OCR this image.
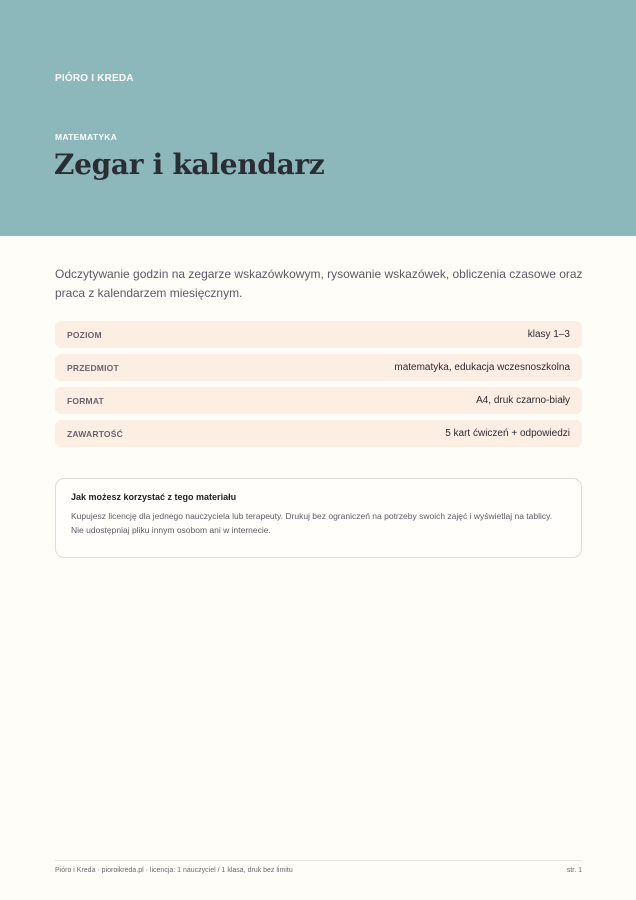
PIÓRO I KREDA
MATEMATYKA
Zegar i kalendarz

Odczytywanie godzin na zegarze wskazówkowym, rysowanie wskazówek, obliczenia czasowe oraz praca z kalendarzem miesięcznym.

POZIOM	klasy 1–3
PRZEDMIOT	matematyka, edukacja wczesnoszkolna
FORMAT	A4, druk czarno-biały
ZAWARTOŚĆ	5 kart ćwiczeń + odpowiedzi
Jak możesz korzystać z tego materiału

Kupujesz licencję dla jednego nauczyciela lub terapeuty. Drukuj bez ograniczeń na potrzeby swoich zajęć i wyświetlaj na tablicy. Nie udostępniaj pliku innym osobom ani w internecie.

Pióro i Kreda · pioroikreda.pl · licencja: 1 nauczyciel / 1 klasa, druk bez limitu	str. 1
